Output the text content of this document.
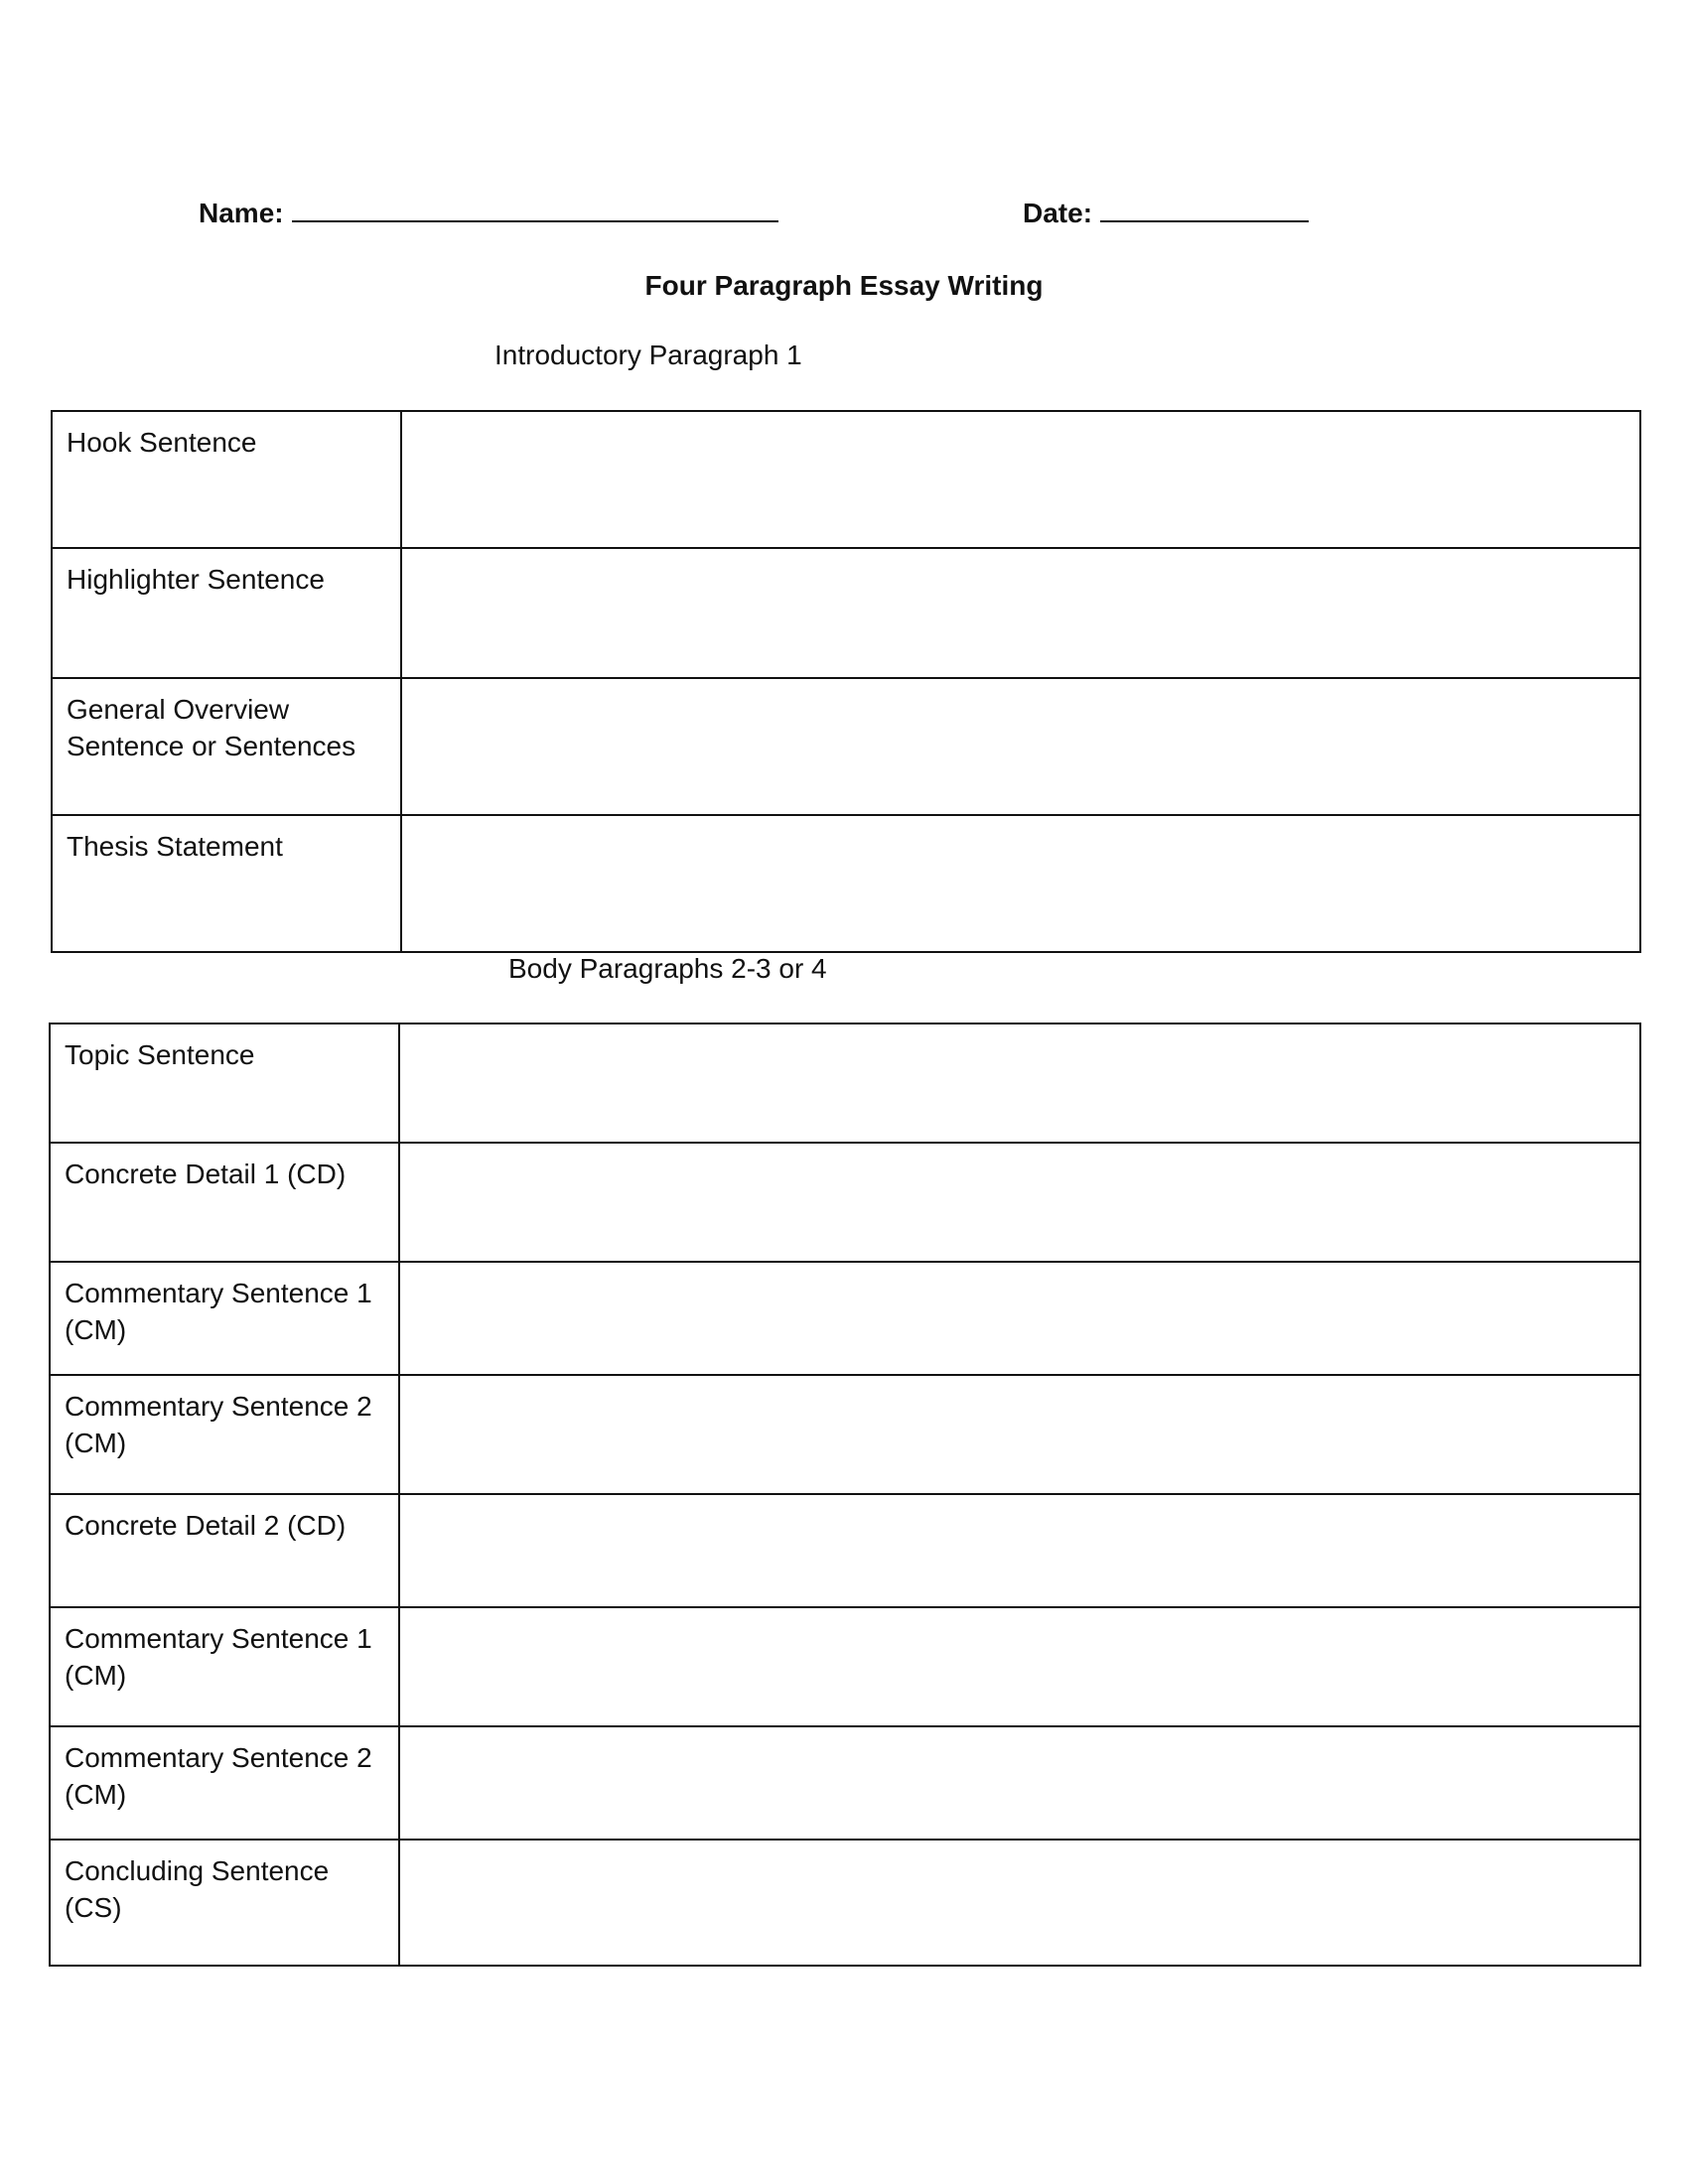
Name:	Date:
Four Paragraph Essay Writing
Introductory Paragraph 1
Hook Sentence	
Highlighter Sentence	
General Overview
Sentence or Sentences	
Thesis Statement	
Body Paragraphs 2-3 or 4
Topic Sentence	
Concrete Detail 1 (CD)	
Commentary Sentence 1
(CM)	
Commentary Sentence 2
(CM)	
Concrete Detail 2 (CD)	
Commentary Sentence 1
(CM)	
Commentary Sentence 2
(CM)	
Concluding Sentence (CS)	
